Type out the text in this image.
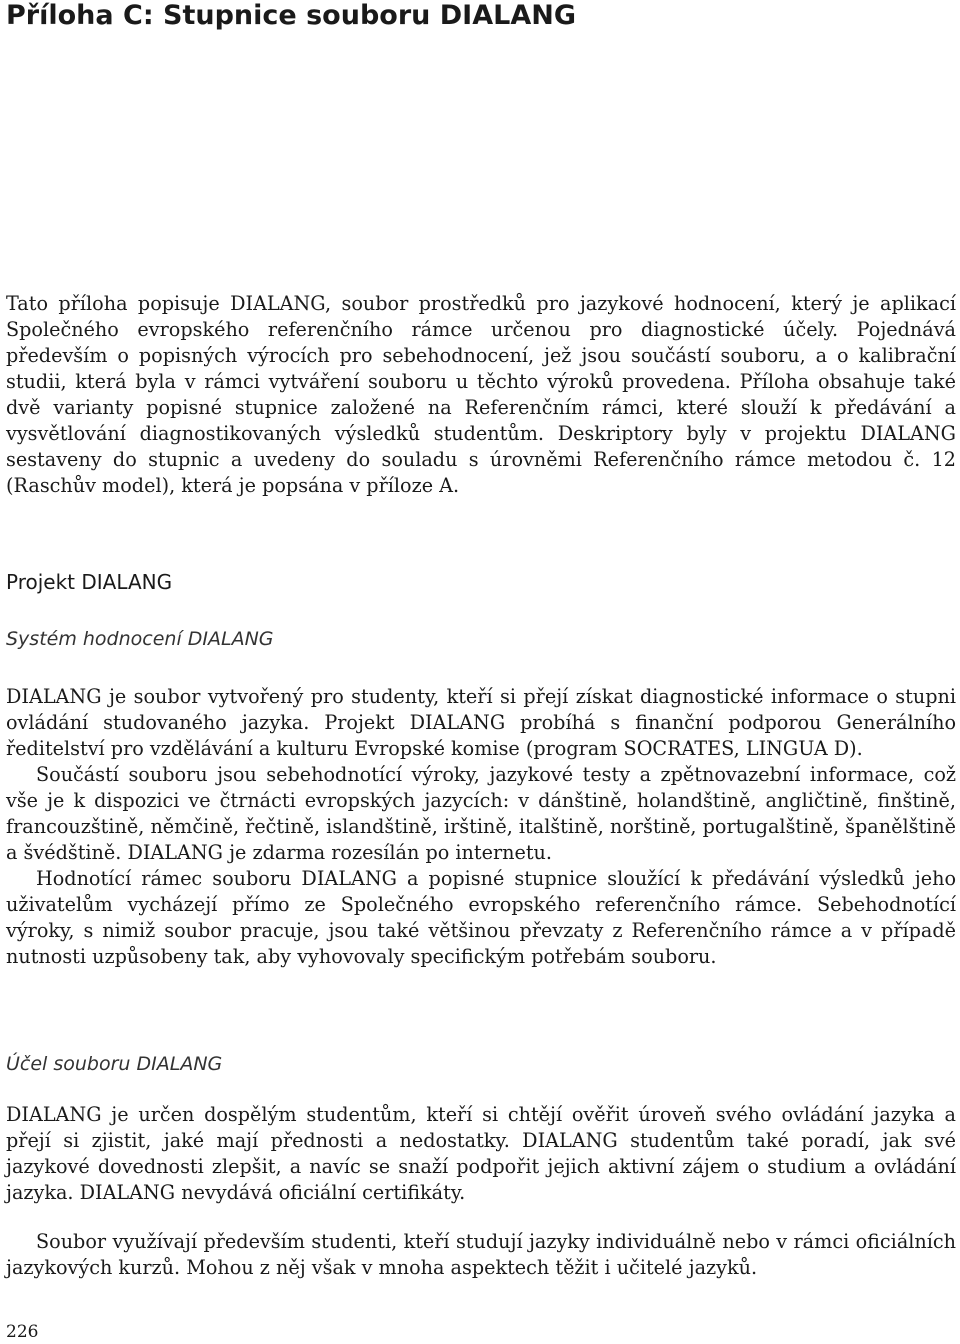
Příloha C: Stupnice souboru DIALANG

Tato příloha popisuje DIALANG, soubor prostředků pro jazykové hodnocení, který je aplikací Společného evropského referenčního rámce určenou pro diagnostické účely. Pojednává především o popisných výrocích pro sebehodnocení, jež jsou součástí souboru, a o kalibrační studii, která byla v rámci vytváření souboru u těchto výroků provedena. Příloha obsahuje také dvě varianty popisné stupnice založené na Referenčním rámci, které slouží k předávání a vysvětlování diagnostikovaných výsledků studentům. Deskriptory byly v projektu DIALANG sestaveny do stupnic a uvedeny do souladu s úrovněmi Referenčního rámce metodou č. 12 (Raschův model), která je popsána v příloze A.

Projekt DIALANG
Systém hodnocení DIALANG

DIALANG je soubor vytvořený pro studenty, kteří si přejí získat diagnostické informace o stupni ovládání studovaného jazyka. Projekt DIALANG probíhá s finanční podporou Generálního ředitelství pro vzdělávání a kulturu Evropské komise (program SOCRATES, LINGUA D).

Součástí souboru jsou sebehodnotící výroky, jazykové testy a zpětnovazební informace, což vše je k dispozici ve čtrnácti evropských jazycích: v dánštině, holandštině, angličtině, finštině, francouzštině, němčině, řečtině, islandštině, irštině, italštině, norštině, portugalštině, španělštině a švédštině. DIALANG je zdarma rozesílán po internetu.

Hodnotící rámec souboru DIALANG a popisné stupnice sloužící k předávání výsledků jeho uživatelům vycházejí přímo ze Společného evropského referenčního rámce. Sebehodnotící výroky, s nimiž soubor pracuje, jsou také většinou převzaty z Referenčního rámce a v případě nutnosti uzpůsobeny tak, aby vyhovovaly specifickým potřebám souboru.

Účel souboru DIALANG

DIALANG je určen dospělým studentům, kteří si chtějí ověřit úroveň svého ovládání jazyka a přejí si zjistit, jaké mají přednosti a nedostatky. DIALANG studentům také poradí, jak své jazykové dovednosti zlepšit, a navíc se snaží podpořit jejich aktivní zájem o studium a ovládání jazyka. DIALANG nevydává oficiální certifikáty.

Soubor využívají především studenti, kteří studují jazyky individuálně nebo v rámci oficiálních jazykových kurzů. Mohou z něj však v mnoha aspektech těžit i učitelé jazyků.

226
